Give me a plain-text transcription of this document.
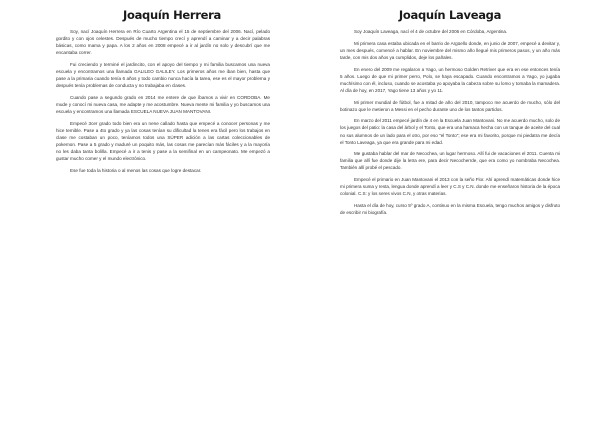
Joaquín Herrera

Soy, nací Joaquín Herrera en Río Cuarto Argentina el 15 de septiembre del 2006. Nací, pelado gordito y con ojos celestes. Después de mucho tiempo crecí y aprendí a caminar y a decir palabras básicas, como mama y papa. A los 2 años en 2008 empecé a ir al jardín no solo y descubrí que me encantaba correr.

Fui creciendo y terminé el jardincito, con el apoyo del tiempo y mi familia buscamos una nueva escuela y encontramos una llamada GALILEO GALILEY. Los primeros años me iban bien, hasta que pase a la primaria cuando tenía 6 años y todo cambio nunca hacía la tarea, ese es el mayor problema y después tenía problemas de conducta y no trabajaba en clases.

Cuando pase a segundo grado en 2014 me entere de que íbamos a vivir en CORDOBA. Me mude y conocí mi nueva casa, me adapte y me acostumbre. Nueva mente mi familia y yo buscamos una escuela y encontramos una llamada ESCUELA NUEVA JUAN MANTOVANI.

Empecé 3cer grado todo bien era un nene callado hasta que empecé a conocer personas y me hice temible. Pase a 4to grado y ya las cosas tenían su dificultad la tenes era fácil pero los trabajos en clase me costaban un poco, teníamos todos una SÚPER adición a las cartas coleccionables de pokemon. Pase a 5 grado y maduré un poquito más, las cosas me parecían más fáciles y a la mayoría no les daba tanta bolilla. Empecé a ir a tenis y pase a la semifinal en un campeonato. Me empezó a gustar mucho comer y el mundo electrónico.

Ese fue toda la historia o al menos las cosas que logre destacar.

Joaquín Laveaga

Soy Joaquín Laveaga, nací el 4 de octubre del 2006 en Córdoba, Argentina.

Mi primera casa estaba ubicada en el barrio de Argüello donde, en junio de 2007, empecé a devitar y, un mes después, comencé a hablar. En noviembre del mismo año llegué mis primeros pasos, y un año más tarde, con mis dos años ya cumplidos, deje los pañales.

En enero del 2009 me regalaron a Yago, un hermoso Golden Retriver que era en ese entonces tenía 5 años. Luego de que mi primer perro, Polo, se haya escapado. Cuando encontramos a Yago, yo jugaba muchísimo con él, incluso, cuando se acostaba yo apoyaba la cabeza sobre su lomo y tomaba la mamadera. Al día de hoy, en 2017, Yago tiene 13 años y yo 11.

Mi primer mundial de fútbol, fue a mitad de año del 2010, tampoco me acuerdo de mucho, sólo del botinazo que le metieron a Messi en el pecho durante uno de los tantos partidos.

En marzo del 2011 empecé jardín de 4 en la Escuela Juan Mantovani. No me acuerdo mucho, solo de los juegos del patio: la casa del árbol y el Tonto, que era una hamaca hecha con un tanque de aceite del cual no sus alumnos de un lado para el otro, por eso "el Tonto"; ese era mi favorito, porque mi piedatra me decía el Tonto Laveaga, ya que era grande para mi edad.

Me gustaba hablar del mar de Necochea, un lugar hermoso. Allí fui de vacaciones el 2011. Cuenta mi familia que allí fue donde dije la letra ere, para decir Necocherrde, que era como yo nombraba Necochea. También allí probé el pescado.

Empecé el primario en Juan Mantovani el 2013 con la seño Flor. Ahí aprendí matemáticas donde hice mi primera suma y resta, lengua donde aprendí a leer y C.S y C.N. donde me enseñaron historia de la época colonial. C.S: y los seres vivos C.N, y otras materias.

Hasta el día de hoy, curso 5º grado A, continuo en la misma Escuela, tengo muchos amigos y disfruto de escribir mi biografía.
